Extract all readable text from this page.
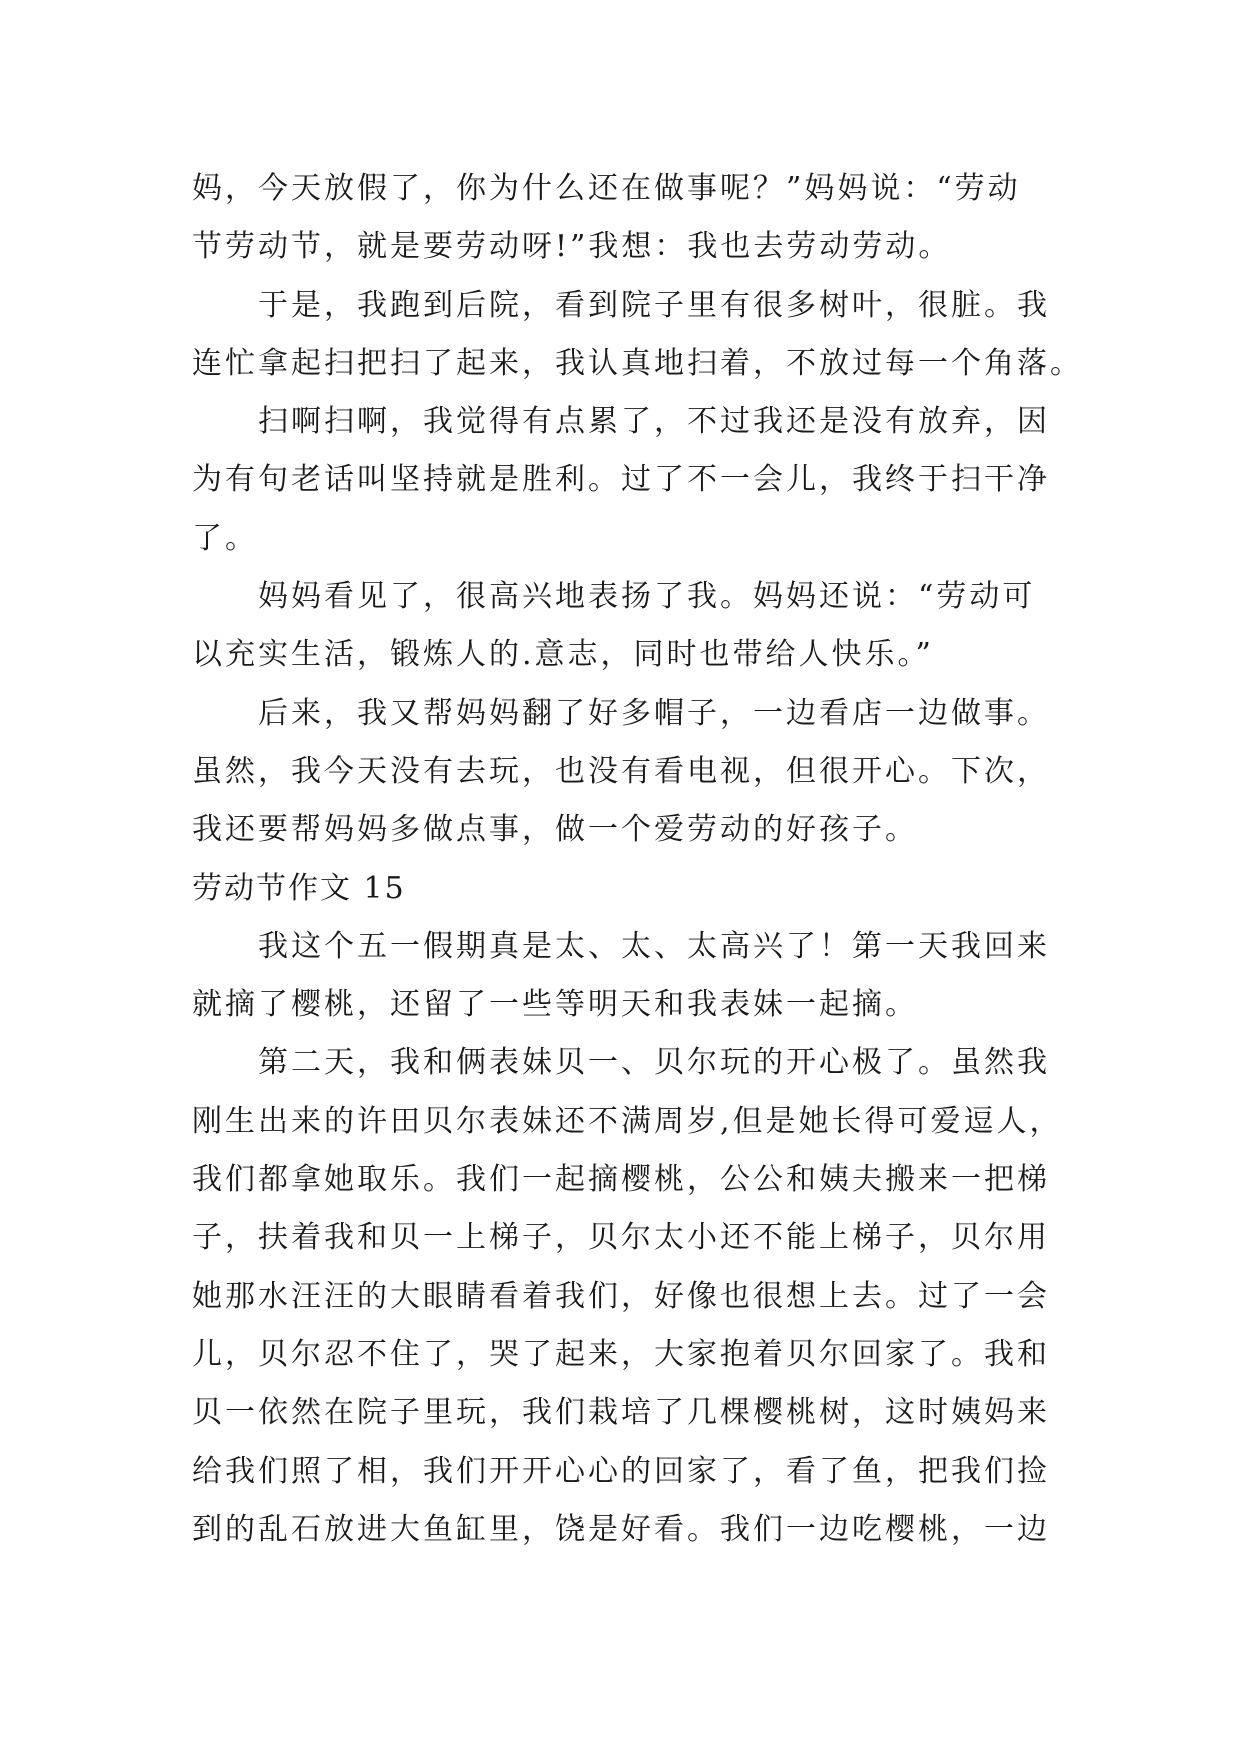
妈，今天放假了，你为什么还在做事呢？”妈妈说：“劳动
节劳动节，就是要劳动呀!”我想：我也去劳动劳动。
于是，我跑到后院，看到院子里有很多树叶，很脏。我
连忙拿起扫把扫了起来，我认真地扫着，不放过每一个角落。
扫啊扫啊，我觉得有点累了，不过我还是没有放弃，因
为有句老话叫坚持就是胜利。过了不一会儿，我终于扫干净
了。
妈妈看见了，很高兴地表扬了我。妈妈还说：“劳动可
以充实生活，锻炼人的.意志，同时也带给人快乐。”
后来，我又帮妈妈翻了好多帽子，一边看店一边做事。
虽然，我今天没有去玩，也没有看电视，但很开心。下次，
我还要帮妈妈多做点事，做一个爱劳动的好孩子。
劳动节作文 15
我这个五一假期真是太、太、太高兴了！第一天我回来
就摘了樱桃，还留了一些等明天和我表妹一起摘。
第二天，我和俩表妹贝一、贝尔玩的开心极了。虽然我
刚生出来的许田贝尔表妹还不满周岁,但是她长得可爱逗人，
我们都拿她取乐。我们一起摘樱桃，公公和姨夫搬来一把梯
子，扶着我和贝一上梯子，贝尔太小还不能上梯子，贝尔用
她那水汪汪的大眼睛看着我们，好像也很想上去。过了一会
儿，贝尔忍不住了，哭了起来，大家抱着贝尔回家了。我和
贝一依然在院子里玩，我们栽培了几棵樱桃树，这时姨妈来
给我们照了相，我们开开心心的回家了，看了鱼，把我们捡
到的乱石放进大鱼缸里，饶是好看。我们一边吃樱桃，一边
